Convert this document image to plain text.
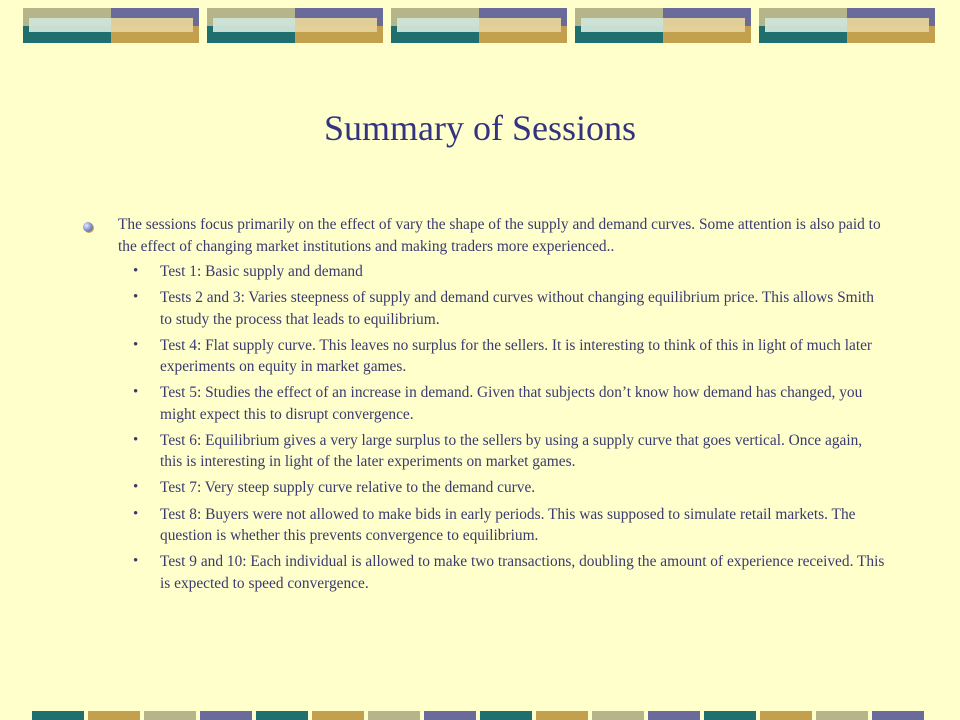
Summary of Sessions
The sessions focus primarily on the effect of vary the shape of the supply and demand curves. Some attention is also paid to the effect of changing market institutions and making traders more experienced..
• Test 1: Basic supply and demand
• Tests 2 and 3: Varies steepness of supply and demand curves without changing equilibrium price. This allows Smith to study the process that leads to equilibrium.
• Test 4: Flat supply curve. This leaves no surplus for the sellers. It is interesting to think of this in light of much later experiments on equity in market games.
• Test 5: Studies the effect of an increase in demand. Given that subjects don’t know how demand has changed, you might expect this to disrupt convergence.
• Test 6: Equilibrium gives a very large surplus to the sellers by using a supply curve that goes vertical. Once again, this is interesting in light of the later experiments on market games.
• Test 7: Very steep supply curve relative to the demand curve.
• Test 8: Buyers were not allowed to make bids in early periods. This was supposed to simulate retail markets. The question is whether this prevents convergence to equilibrium.
• Test 9 and 10: Each individual is allowed to make two transactions, doubling the amount of experience received. This is expected to speed convergence.
